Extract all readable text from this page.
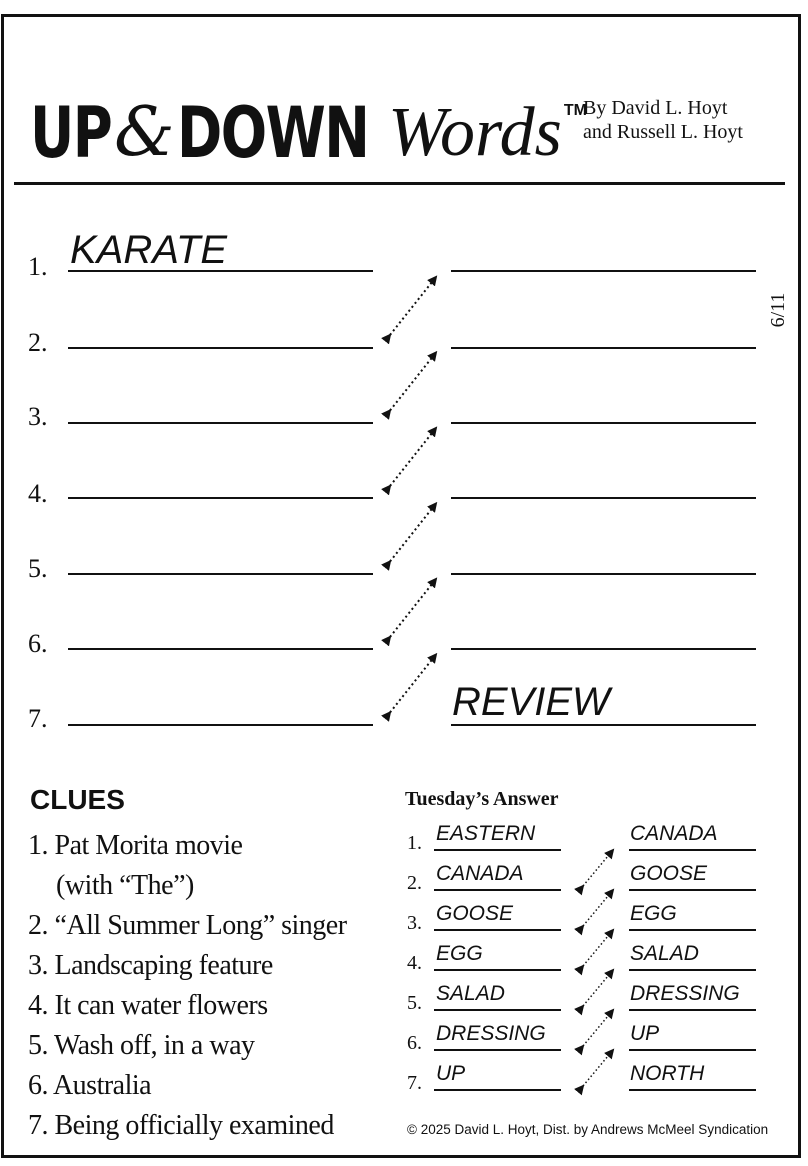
UP & DOWN Words TM
By David L. Hoyt
and Russell L. Hoyt
6/11
1.
2.
3.
4.
5.
6.
7.
KARATE
REVIEW
CLUES
1. Pat Morita movie
(with “The”)
2. “All Summer Long” singer
3. Landscaping feature
4. It can water flowers
5. Wash off, in a way
6. Australia
7. Being officially examined
Tuesday’s Answer
1. EASTERN	CANADA
2. CANADA	GOOSE
3. GOOSE	EGG
4. EGG	SALAD
5. SALAD	DRESSING
6. DRESSING	UP
7. UP	NORTH
© 2025 David L. Hoyt, Dist. by Andrews McMeel Syndication
